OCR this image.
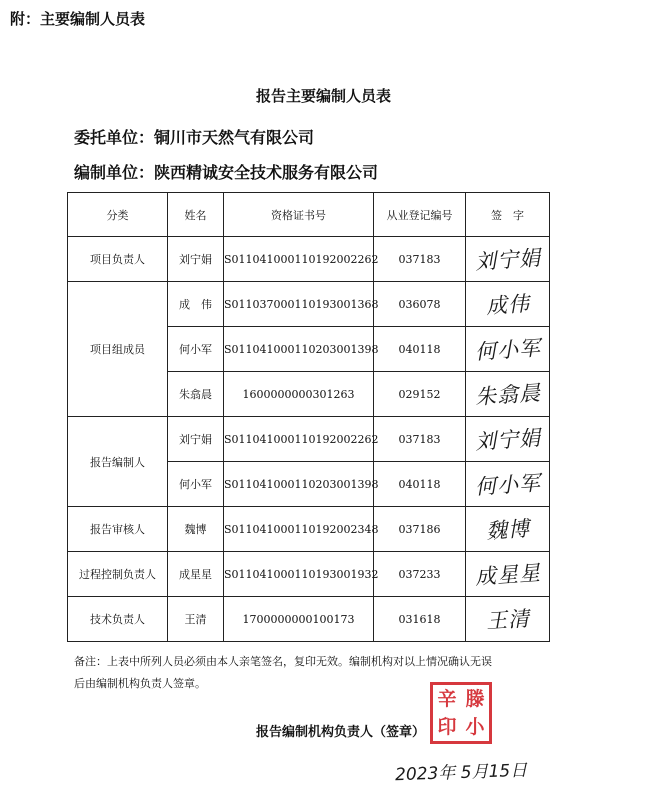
附：主要编制人员表
报告主要编制人员表
委托单位：铜川市天然气有限公司
编制单位：陕西精诚安全技术服务有限公司
分类	姓名	资格证书号	从业登记编号	签　字
项目负责人	刘宁娟	S011041000110192002262	037183	刘宁娟
项目组成员	成　伟	S011037000110193001368	036078	成伟
	何小军	S011041000110203001398	040118	何小军
	朱翕晨	1600000000301263	029152	朱翕晨
报告编制人	刘宁娟	S011041000110192002262	037183	刘宁娟
	何小军	S011041000110203001398	040118	何小军
报告审核人	魏博	S011041000110192002348	037186	魏博
过程控制负责人	成星星	S011041000110193001932	037233	成星星
技术负责人	王清	1700000000100173	031618	王清
备注：上表中所列人员必须由本人亲笔签名，复印无效。编制机构对以上情况确认无误
后由编制机构负责人签章。
报告编制机构负责人（签章）
辛 滕
印 小
2023年 5月15日
